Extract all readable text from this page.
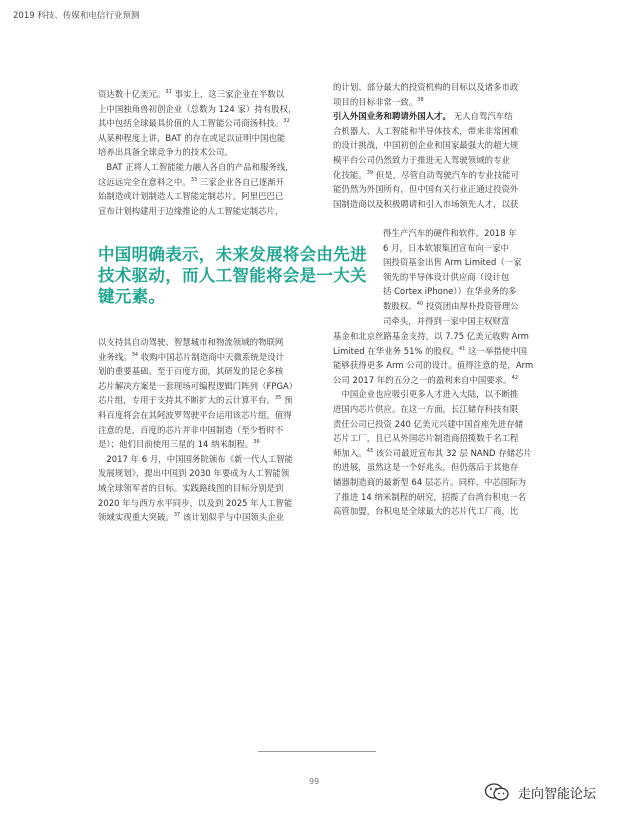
2019 科技、传媒和电信行业预测
资达数十亿美元。$^{31}$ 事实上，这三家企业在半数以
上中国独角兽初创企业（总数为 124 家）持有股权，
其中包括全球最具价值的人工智能公司商汤科技。$^{32}$
从某种程度上讲，BAT 的存在或足以证明中国也能
培养出具备全球竞争力的技术公司。
　BAT 正将人工智能能力融入各自的产品和服务线，
这远远完全在意料之中。$^{33}$ 三家企业各自已逐渐开
始制造或计划制造人工智能定制芯片。阿里巴巴已
宣布计划构建用于边缘推论的人工智能定制芯片，
中国明确表示，未来发展将会由先进技术驱动，而人工智能将会是一大关键元素。
以支持其自动驾驶、智慧城市和物流领域的物联网
业务线。$^{34}$ 收购中国芯片制造商中天微系统是设计
划的重要基础。至于百度方面，其研发的昆仑多核
芯片解决方案是一套现场可编程逻辑门阵列（FPGA）
芯片组，专用于支持其不断扩大的云计算平台。$^{35}$ 预
料百度将会在其阿波罗驾驶平台运用该芯片组。值得
注意的是，百度的芯片并非中国制造（至少暂时不
是）；他们目前使用三星的 14 纳米制程。$^{36}$
　2017 年 6 月，中国国务院颁布《新一代人工智能
发展规划》，提出中国到 2030 年要成为人工智能领
域全球领军者的目标。实践路线图的目标分别是到
2020 年与西方水平同步，以及到 2025 年人工智能
领域实现重大突破。$^{37}$ 该计划似乎与中国领头企业
的计划、部分最大的投资机构的目标以及诸多市政
项目的目标非常一致。$^{38}$
引入外国业务和聘请外国人才。 无人自驾汽车结
合机器人、人工智能和半导体技术，带来非常困难
的设计挑战，中国初创企业和国家最强大的超大规
模平台公司仍然致力于推进无人驾驶领域的专业
化技能。$^{39}$ 但是，尽管自动驾驶汽车的专业技能可
能仍然为外国所有，但中国有关行业正通过投资外
国制造商以及积极聘请和引入市场领先人才，以获
得生产汽车的硬件和软件。2018 年
6 月，日本软银集团宣布向一家中
国投资基金出售 Arm Limited（一家
领先的半导体设计供应商（设计包
括 Cortex iPhone））在华业务的多
数股权。$^{40}$ 投资团由厚朴投资管理公
司牵头，并得到一家中国主权财富
基金和北京丝路基金支持，以 7.75 亿美元收购 Arm
Limited 在华业务 51% 的股权。$^{41}$ 这一举措使中国
能够获得更多 Arm 公司的设计。值得注意的是，Arm
公司 2017 年约五分之一的盈利来自中国要求。$^{42}$
　中国企业也应吸引更多人才进入大陆，以不断推
进国内芯片供应。在这一方面，长江储存科技有限
责任公司已投资 240 亿美元兴建中国首座先进存储
芯片工厂，且已从外国芯片制造商招揽数千名工程
师加入。$^{43}$ 该公司最近宣布其 32 层 NAND 存储芯片
的进展，虽然这是一个好兆头，但仍落后于其他存
储器制造商的最新型 64 层芯片。同样、中芯国际为
了推进 14 纳米制程的研究，招揽了台湾台积电一名
高管加盟，台积电是全球最大的芯片代工厂商，比
99
走向智能论坛
